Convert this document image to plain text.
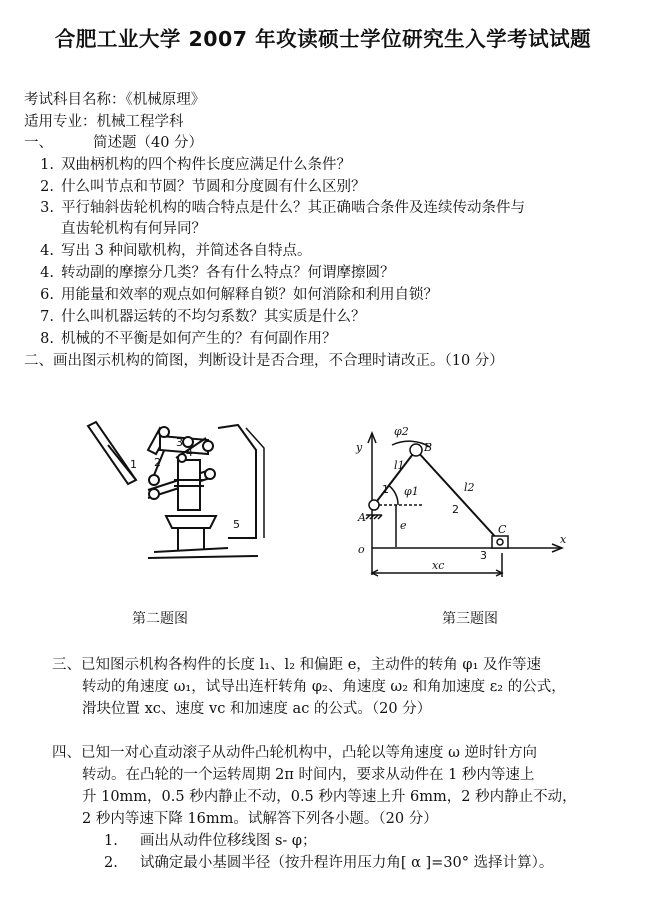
合肥工业大学 2007 年攻读硕士学位研究生入学考试试题
考试科目名称：《机械原理》
适用专业：机械工程学科
一、	简述题（40 分）
1. 双曲柄机构的四个构件长度应满足什么条件？
2. 什么叫节点和节圆？节圆和分度圆有什么区别？
3. 平行轴斜齿轮机构的啮合特点是什么？其正确啮合条件及连续传动条件与
直齿轮机构有何异同？
4. 写出 3 种间歇机构，并简述各自特点。
4. 转动副的摩擦分几类？各有什么特点？何谓摩擦圆？
6. 用能量和效率的观点如何解释自锁？如何消除和利用自锁？
7. 什么叫机器运转的不均匀系数？其实质是什么？
8. 机械的不平衡是如何产生的？有何副作用？
二、画出图示机构的简图，判断设计是否合理，不合理时请改正。（10 分）
1 2
3
4
5
y
x
φ2
B
l1
φ1	l2
A
e
1
2
3
C
o
xc
第二题图	第三题图
三、已知图示机构各构件的长度 l₁、l₂ 和偏距 e，主动件的转角 φ₁ 及作等速
转动的角速度 ω₁，试导出连杆转角 φ₂、角速度 ω₂ 和角加速度 ε₂ 的公式，
滑块位置 xc、速度 vc 和加速度 ac 的公式。（20 分）
四、已知一对心直动滚子从动件凸轮机构中，凸轮以等角速度 ω 逆时针方向
转动。在凸轮的一个运转周期 2π 时间内，要求从动件在 1 秒内等速上
升 10mm，0.5 秒内静止不动，0.5 秒内等速上升 6mm，2 秒内静止不动，
2 秒内等速下降 16mm。试解答下列各小题。（20 分）
1. 画出从动件位移线图 s- φ；
2. 试确定最小基圆半径（按升程许用压力角[ α ]=30° 选择计算）。
